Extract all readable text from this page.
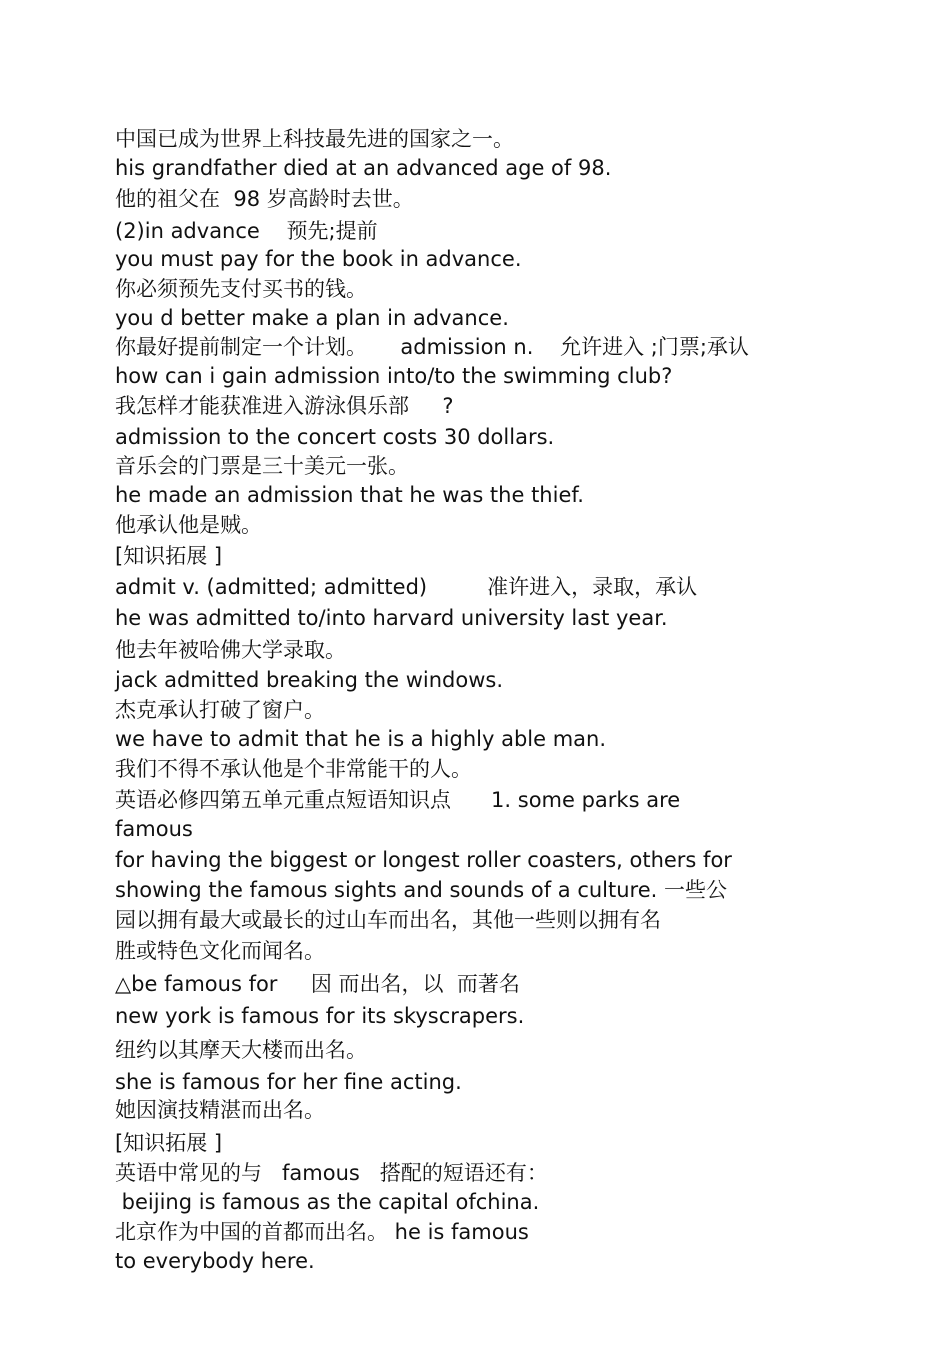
中国已成为世界上科技最先进的国家之一。
his grandfather died at an advanced age of 98.
他的祖父在  98 岁高龄时去世。
(2)in advance    预先;提前
you must pay for the book in advance.
你必须预先支付买书的钱。
you d better make a plan in advance.
你最好提前制定一个计划。     admission n.    允许进入 ;门票;承认
how can i gain admission into/to the swimming club?
我怎样才能获准进入游泳俱乐部     ?
admission to the concert costs 30 dollars.
音乐会的门票是三十美元一张。
he made an admission that he was the thief.
他承认他是贼。
[知识拓展 ]
admit v. (admitted; admitted)         准许进入，录取，承认
he was admitted to/into harvard university last year.
他去年被哈佛大学录取。
jack admitted breaking the windows.
杰克承认打破了窗户。
we have to admit that he is a highly able man.
我们不得不承认他是个非常能干的人。
英语必修四第五单元重点短语知识点      1. some parks are
famous
for having the biggest or longest roller coasters, others for
showing the famous sights and sounds of a culture. 一些公
园以拥有最大或最长的过山车而出名，其他一些则以拥有名
胜或特色文化而闻名。
△be famous for     因 而出名，以  而著名
new york is famous for its skyscrapers.
纽约以其摩天大楼而出名。
she is famous for her fine acting.
她因演技精湛而出名。
[知识拓展 ]
英语中常见的与   famous   搭配的短语还有：
beijing is famous as the capital ofchina.
北京作为中国的首都而出名。 he is famous
to everybody here.
